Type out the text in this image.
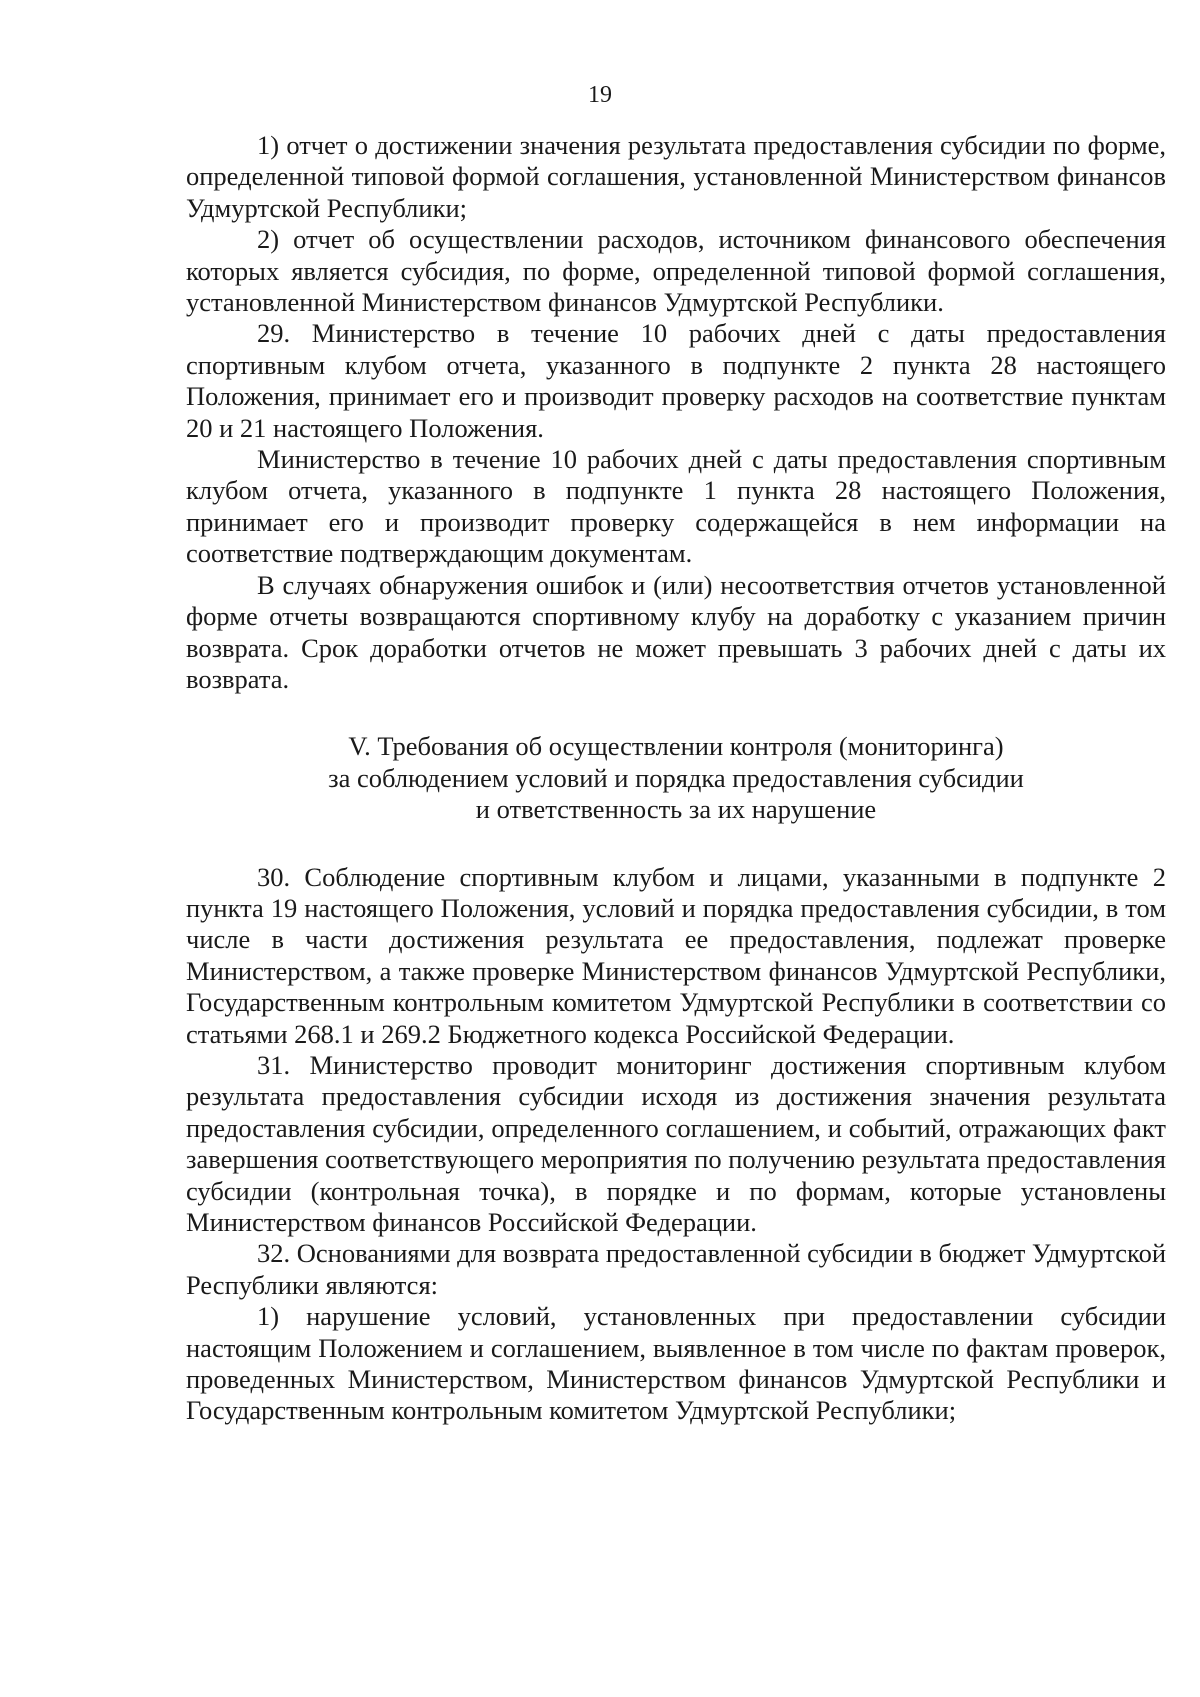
19

1) отчет о достижении значения результата предоставления субсидии по форме, определенной типовой формой соглашения, установленной Министерством финансов Удмуртской Республики;

2) отчет об осуществлении расходов, источником финансового обеспечения которых является субсидия, по форме, определенной типовой формой соглашения, установленной Министерством финансов Удмуртской Республики.

29. Министерство в течение 10 рабочих дней с даты предоставления спортивным клубом отчета, указанного в подпункте 2 пункта 28 настоящего Положения, принимает его и производит проверку расходов на соответствие пунктам 20 и 21 настоящего Положения.

Министерство в течение 10 рабочих дней с даты предоставления спортивным клубом отчета, указанного в подпункте 1 пункта 28 настоящего Положения, принимает его и производит проверку содержащейся в нем информации на соответствие подтверждающим документам.

В случаях обнаружения ошибок и (или) несоответствия отчетов установленной форме отчеты возвращаются спортивному клубу на доработку с указанием причин возврата. Срок доработки отчетов не может превышать 3 рабочих дней с даты их возврата.

V. Требования об осуществлении контроля (мониторинга)
за соблюдением условий и порядка предоставления субсидии
и ответственность за их нарушение

30. Соблюдение спортивным клубом и лицами, указанными в подпункте 2 пункта 19 настоящего Положения, условий и порядка предоставления субсидии, в том числе в части достижения результата ее предоставления, подлежат проверке Министерством, а также проверке Министерством финансов Удмуртской Республики, Государственным контрольным комитетом Удмуртской Республики в соответствии со статьями 268.1 и 269.2 Бюджетного кодекса Российской Федерации.

31. Министерство проводит мониторинг достижения спортивным клубом результата предоставления субсидии исходя из достижения значения результата предоставления субсидии, определенного соглашением, и событий, отражающих факт завершения соответствующего мероприятия по получению результата предоставления субсидии (контрольная точка), в порядке и по формам, которые установлены Министерством финансов Российской Федерации.

32. Основаниями для возврата предоставленной субсидии в бюджет Удмуртской Республики являются:

1) нарушение условий, установленных при предоставлении субсидии настоящим Положением и соглашением, выявленное в том числе по фактам проверок, проведенных Министерством, Министерством финансов Удмуртской Республики и Государственным контрольным комитетом Удмуртской Республики;
